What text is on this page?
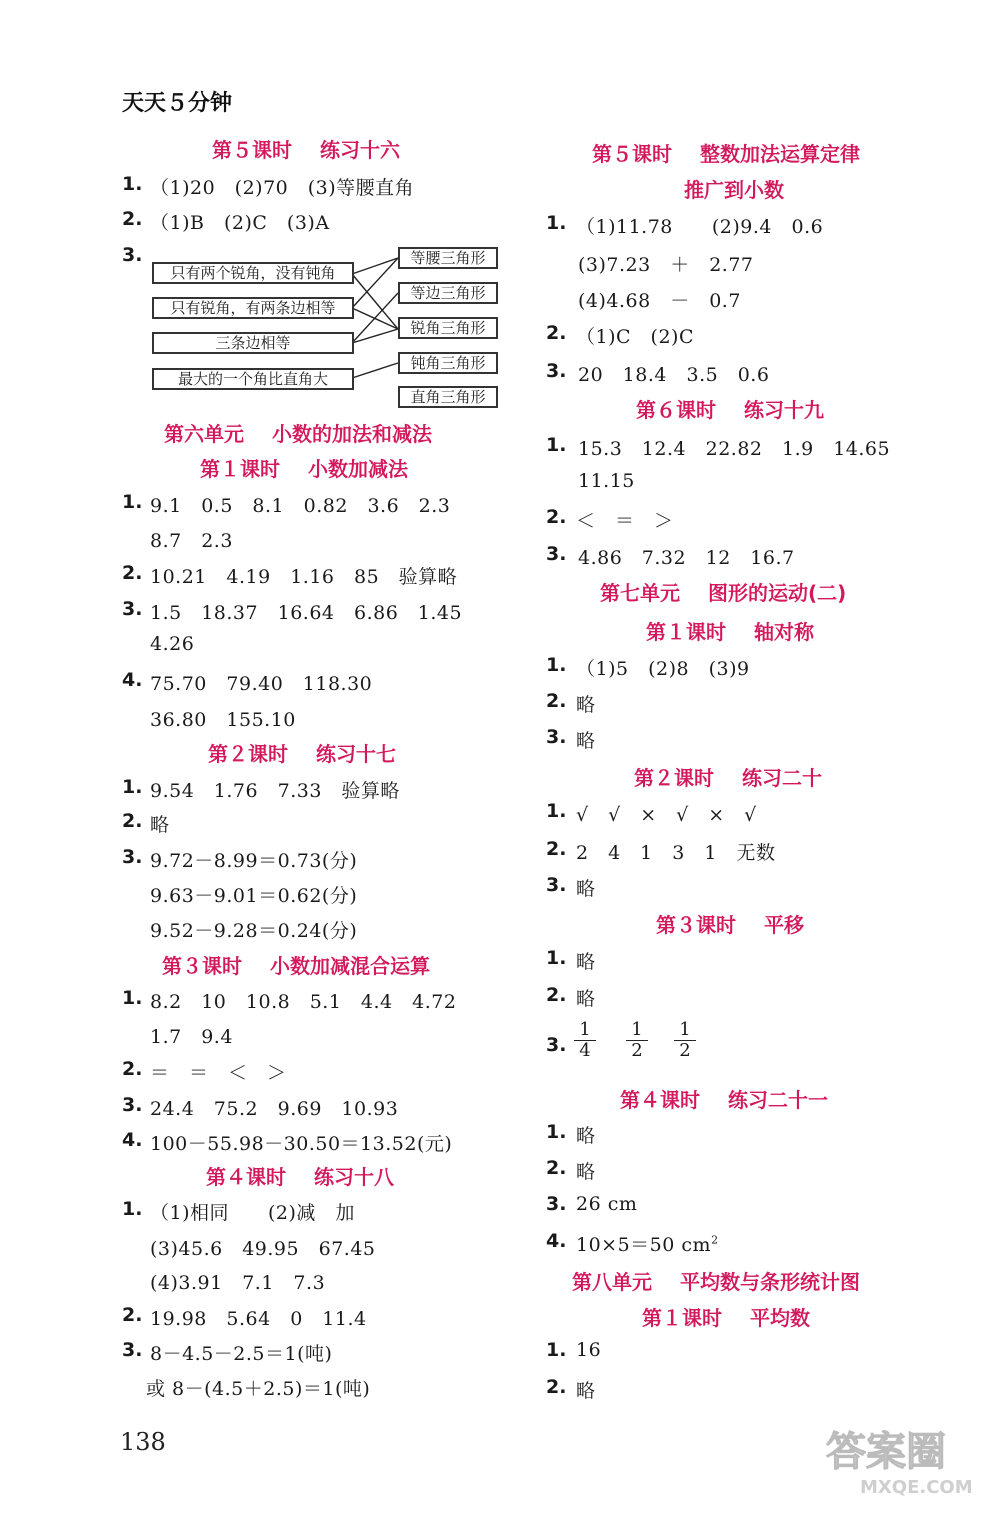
天天５分钟
第５课时 练习十六
1. （1)20　(2)70　(3)等腰直角
2. （1)B　(2)C　(3)A
3.
只有两个锐角，没有钝角
只有锐角，有两条边相等
三条边相等
最大的一个角比直角大
等腰三角形
等边三角形
锐角三角形
钝角三角形
直角三角形
第六单元 小数的加法和减法
第１课时 小数加减法
1. 9.1　0.5　8.1　0.82　3.6　2.3
8.7　2.3
2. 10.21　4.19　1.16　85　验算略
3. 1.5　18.37　16.64　6.86　1.45
4.26
4. 75.70　79.40　118.30
36.80　155.10
第２课时 练习十七
1. 9.54　1.76　7.33　验算略
2. 略
3. 9.72－8.99＝0.73(分)
9.63－9.01＝0.62(分)
9.52－9.28＝0.24(分)
第３课时 小数加减混合运算
1. 8.2　10　10.8　5.1　4.4　4.72
1.7　9.4
2. ＝　＝　＜　＞
3. 24.4　75.2　9.69　10.93
4. 100－55.98－30.50＝13.52(元)
第４课时 练习十八
1. （1)相同　　(2)减　加
(3)45.6　49.95　67.45
(4)3.91　7.1　7.3
2. 19.98　5.64　0　11.4
3. 8－4.5－2.5＝1(吨)
或 8－(4.5＋2.5)＝1(吨)
第５课时 整数加法运算定律
推广到小数
1. （1)11.78　　(2)9.4　0.6
(3)7.23　＋　2.77
(4)4.68　－　0.7
2. （1)C　(2)C
3. 20　18.4　3.5　0.6
第６课时 练习十九
1. 15.3　12.4　22.82　1.9　14.65
11.15
2. ＜　＝　＞
3. 4.86　7.32　12　16.7
第七单元 图形的运动(二)
第１课时 轴对称
1. （1)5　(2)8　(3)9
2. 略
3. 略
第２课时 练习二十
1. √　√　×　√　×　√
2. 2　4　1　3　1　无数
3. 略
第３课时 平移
1. 略
2. 略
3. $\frac{1}{4} \frac{1}{2} \frac{1}{2}$
第４课时 练习二十一
1. 略
2. 略
3. 26 cm
4. 10×5＝50 $cm^2$
第八单元 平均数与条形统计图
第１课时 平均数
1. 16
2. 略
138	答案圈
MXQE.COM
